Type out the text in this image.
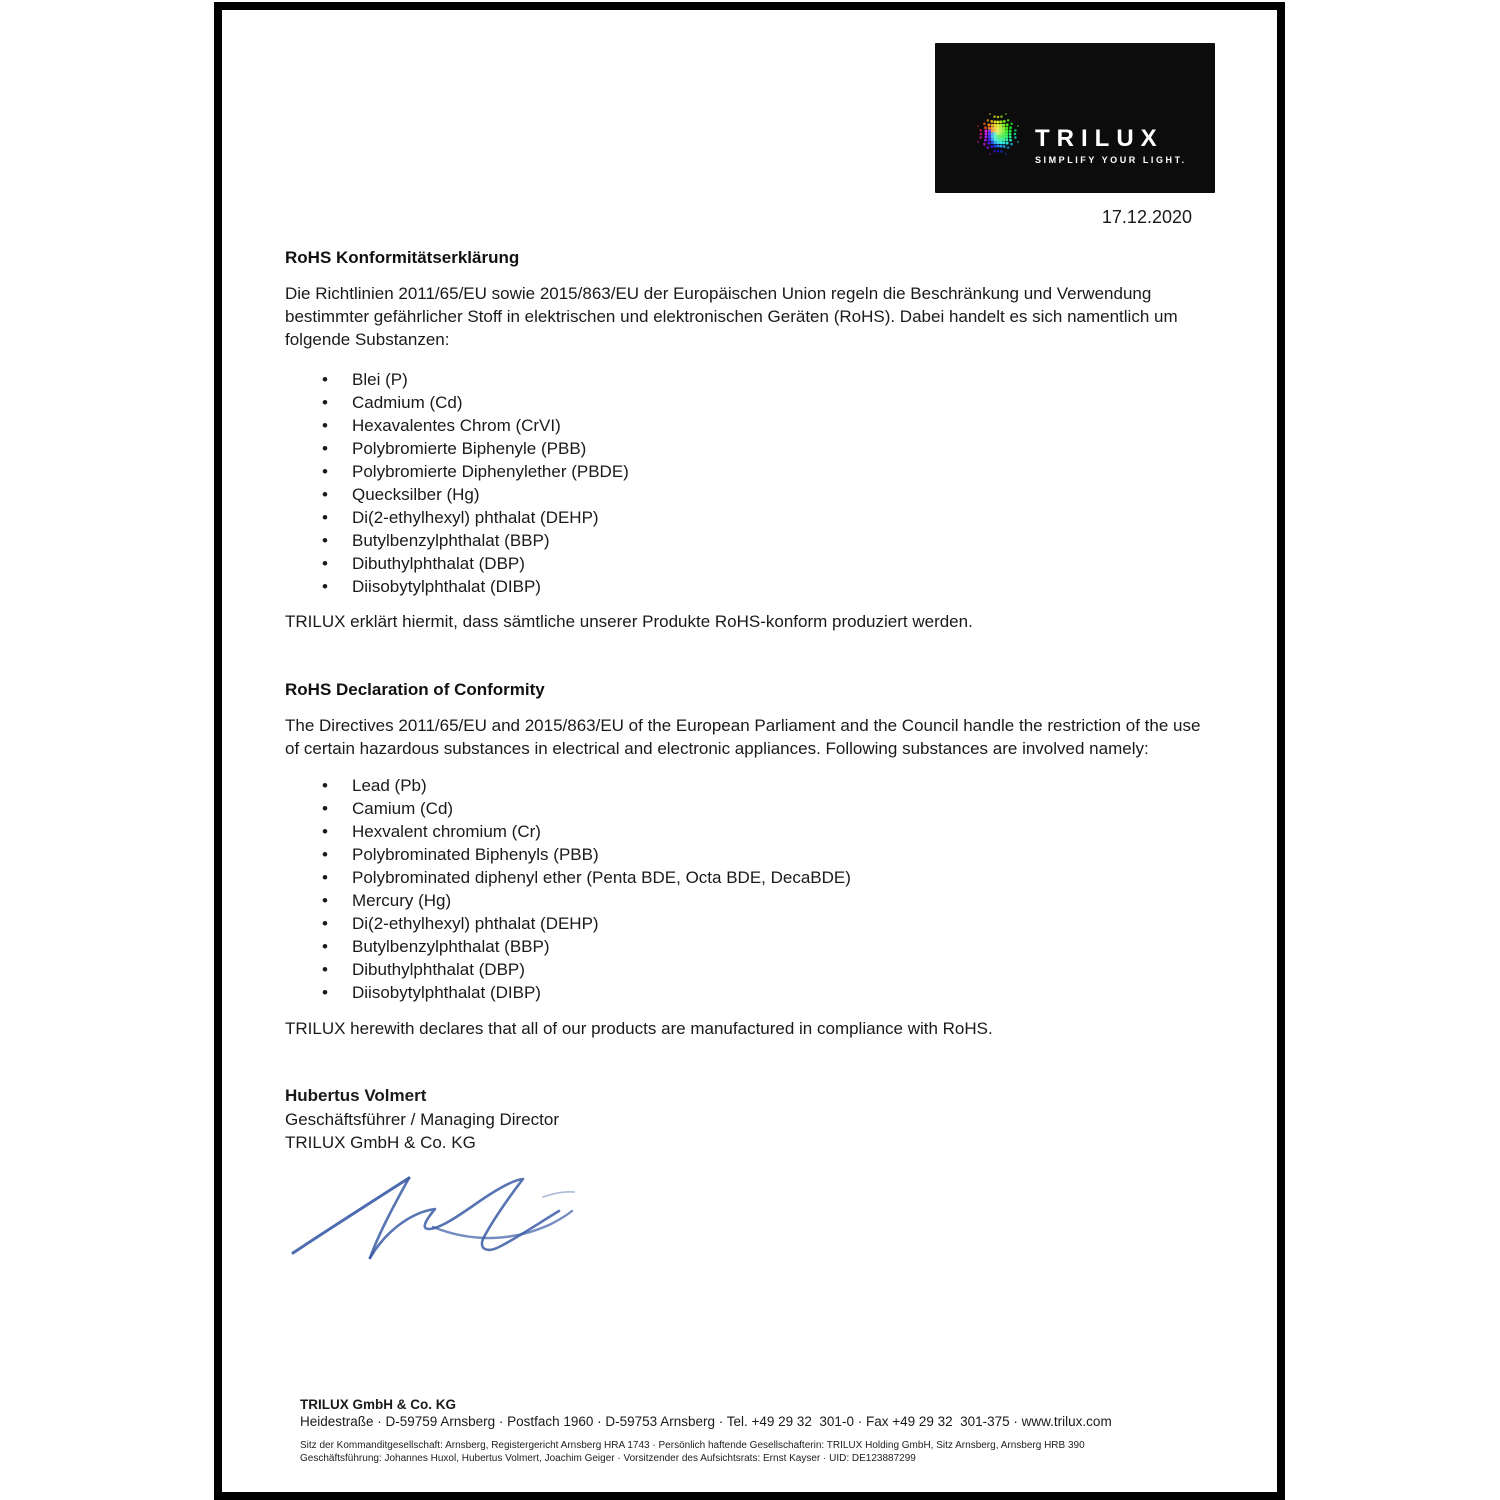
TRILUX
SIMPLIFY YOUR LIGHT.
17.12.2020
RoHS Konformitätserklärung

Die Richtlinien 2011/65/EU sowie 2015/863/EU der Europäischen Union regeln die Beschränkung und Verwendung bestimmter gefährlicher Stoff in elektrischen und elektronischen Geräten (RoHS). Dabei handelt es sich namentlich um folgende Substanzen:

• Blei (P)
• Cadmium (Cd)
• Hexavalentes Chrom (CrVI)
• Polybromierte Biphenyle (PBB)
• Polybromierte Diphenylether (PBDE)
• Quecksilber (Hg)
• Di(2-ethylhexyl) phthalat (DEHP)
• Butylbenzylphthalat (BBP)
• Dibuthylphthalat (DBP)
• Diisobytylphthalat (DIBP)

TRILUX erklärt hiermit, dass sämtliche unserer Produkte RoHS-konform produziert werden.

RoHS Declaration of Conformity

The Directives 2011/65/EU and 2015/863/EU of the European Parliament and the Council handle the restriction of the use of certain hazardous substances in electrical and electronic appliances. Following substances are involved namely:

• Lead (Pb)
• Camium (Cd)
• Hexvalent chromium (Cr)
• Polybrominated Biphenyls (PBB)
• Polybrominated diphenyl ether (Penta BDE, Octa BDE, DecaBDE)
• Mercury (Hg)
• Di(2-ethylhexyl) phthalat (DEHP)
• Butylbenzylphthalat (BBP)
• Dibuthylphthalat (DBP)
• Diisobytylphthalat (DIBP)

TRILUX herewith declares that all of our products are manufactured in compliance with RoHS.

Hubertus Volmert
Geschäftsführer / Managing Director
TRILUX GmbH & Co. KG
TRILUX GmbH & Co. KG
Heidestraße · D-59759 Arnsberg · Postfach 1960 · D-59753 Arnsberg · Tel. +49 29 32  301-0 · Fax +49 29 32  301-375 · www.trilux.com
Sitz der Kommanditgesellschaft: Arnsberg, Registergericht Arnsberg HRA 1743 · Persönlich haftende Gesellschafterin: TRILUX Holding GmbH, Sitz Arnsberg, Arnsberg HRB 390
Geschäftsführung: Johannes Huxol, Hubertus Volmert, Joachim Geiger · Vorsitzender des Aufsichtsrats: Ernst Kayser · UID: DE123887299
